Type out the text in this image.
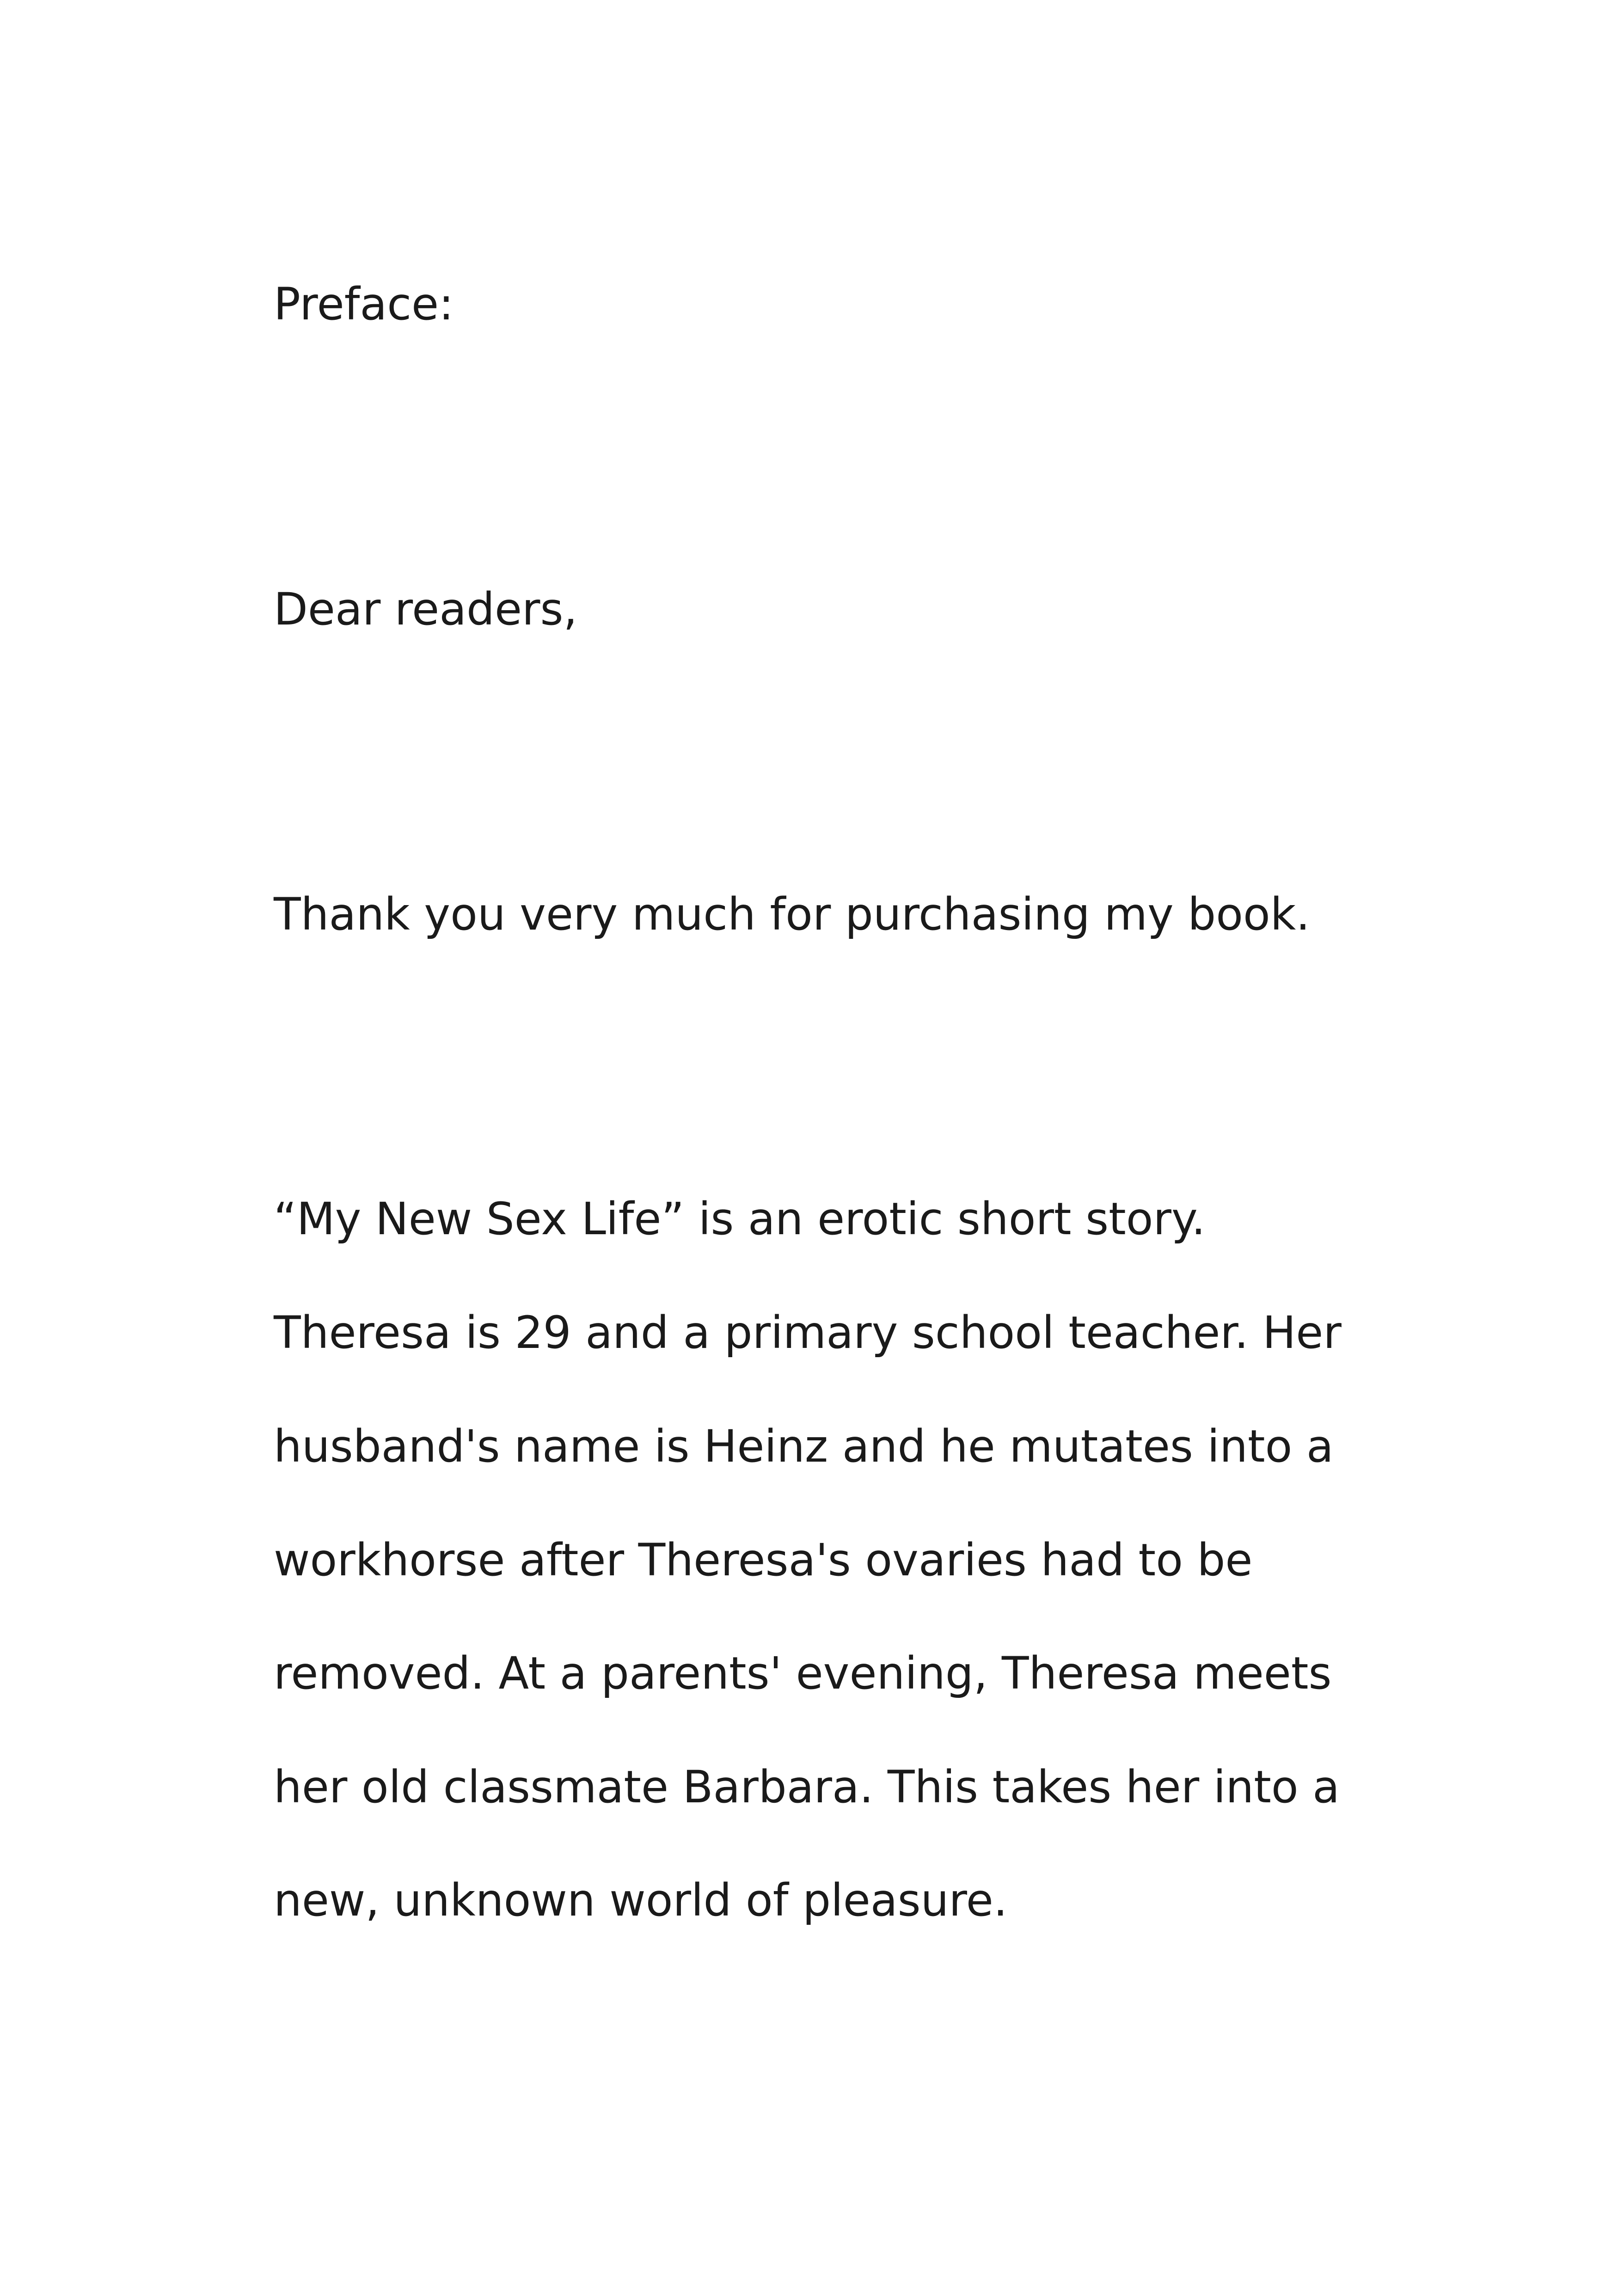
Preface:

Dear readers,

Thank you very much for purchasing my book.

“My New Sex Life” is an erotic short story.

Theresa is 29 and a primary school teacher. Her

husband's name is Heinz and he mutates into a

workhorse after Theresa's ovaries had to be

removed. At a parents' evening, Theresa meets

her old classmate Barbara. This takes her into a

new, unknown world of pleasure.
